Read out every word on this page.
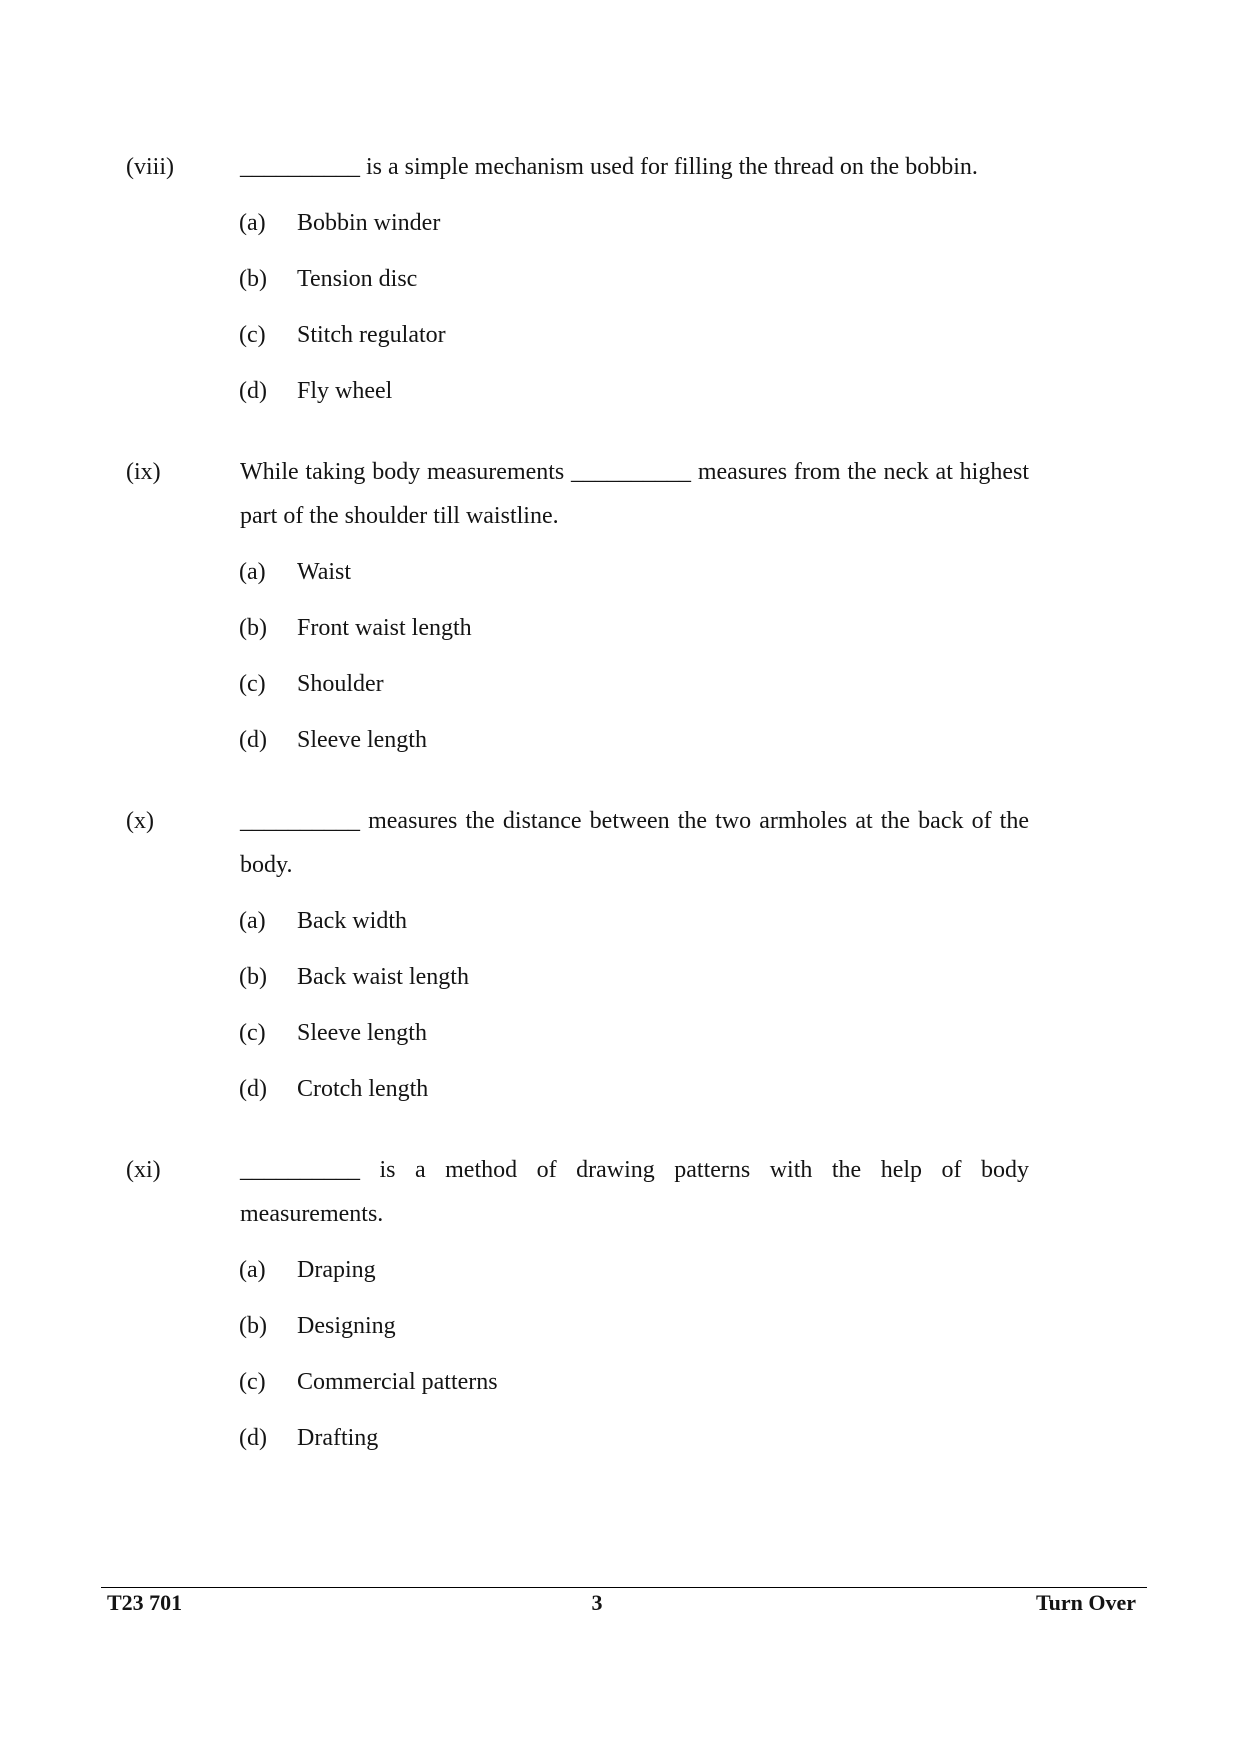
(viii)	__________ is a simple mechanism used for filling the thread on the bobbin.
(a)	Bobbin winder
(b)	Tension disc
(c)	Stitch regulator
(d)	Fly wheel
(ix)	While taking body measurements __________ measures from the neck at highest part of the shoulder till waistline.
(a)	Waist
(b)	Front waist length
(c)	Shoulder
(d)	Sleeve length
(x)	__________ measures the distance between the two armholes at the back of the body.
(a)	Back width
(b)	Back waist length
(c)	Sleeve length
(d)	Crotch length
(xi)	__________ is a method of drawing patterns with the help of body measurements.
(a)	Draping
(b)	Designing
(c)	Commercial patterns
(d)	Drafting
T23 701	3	Turn Over
